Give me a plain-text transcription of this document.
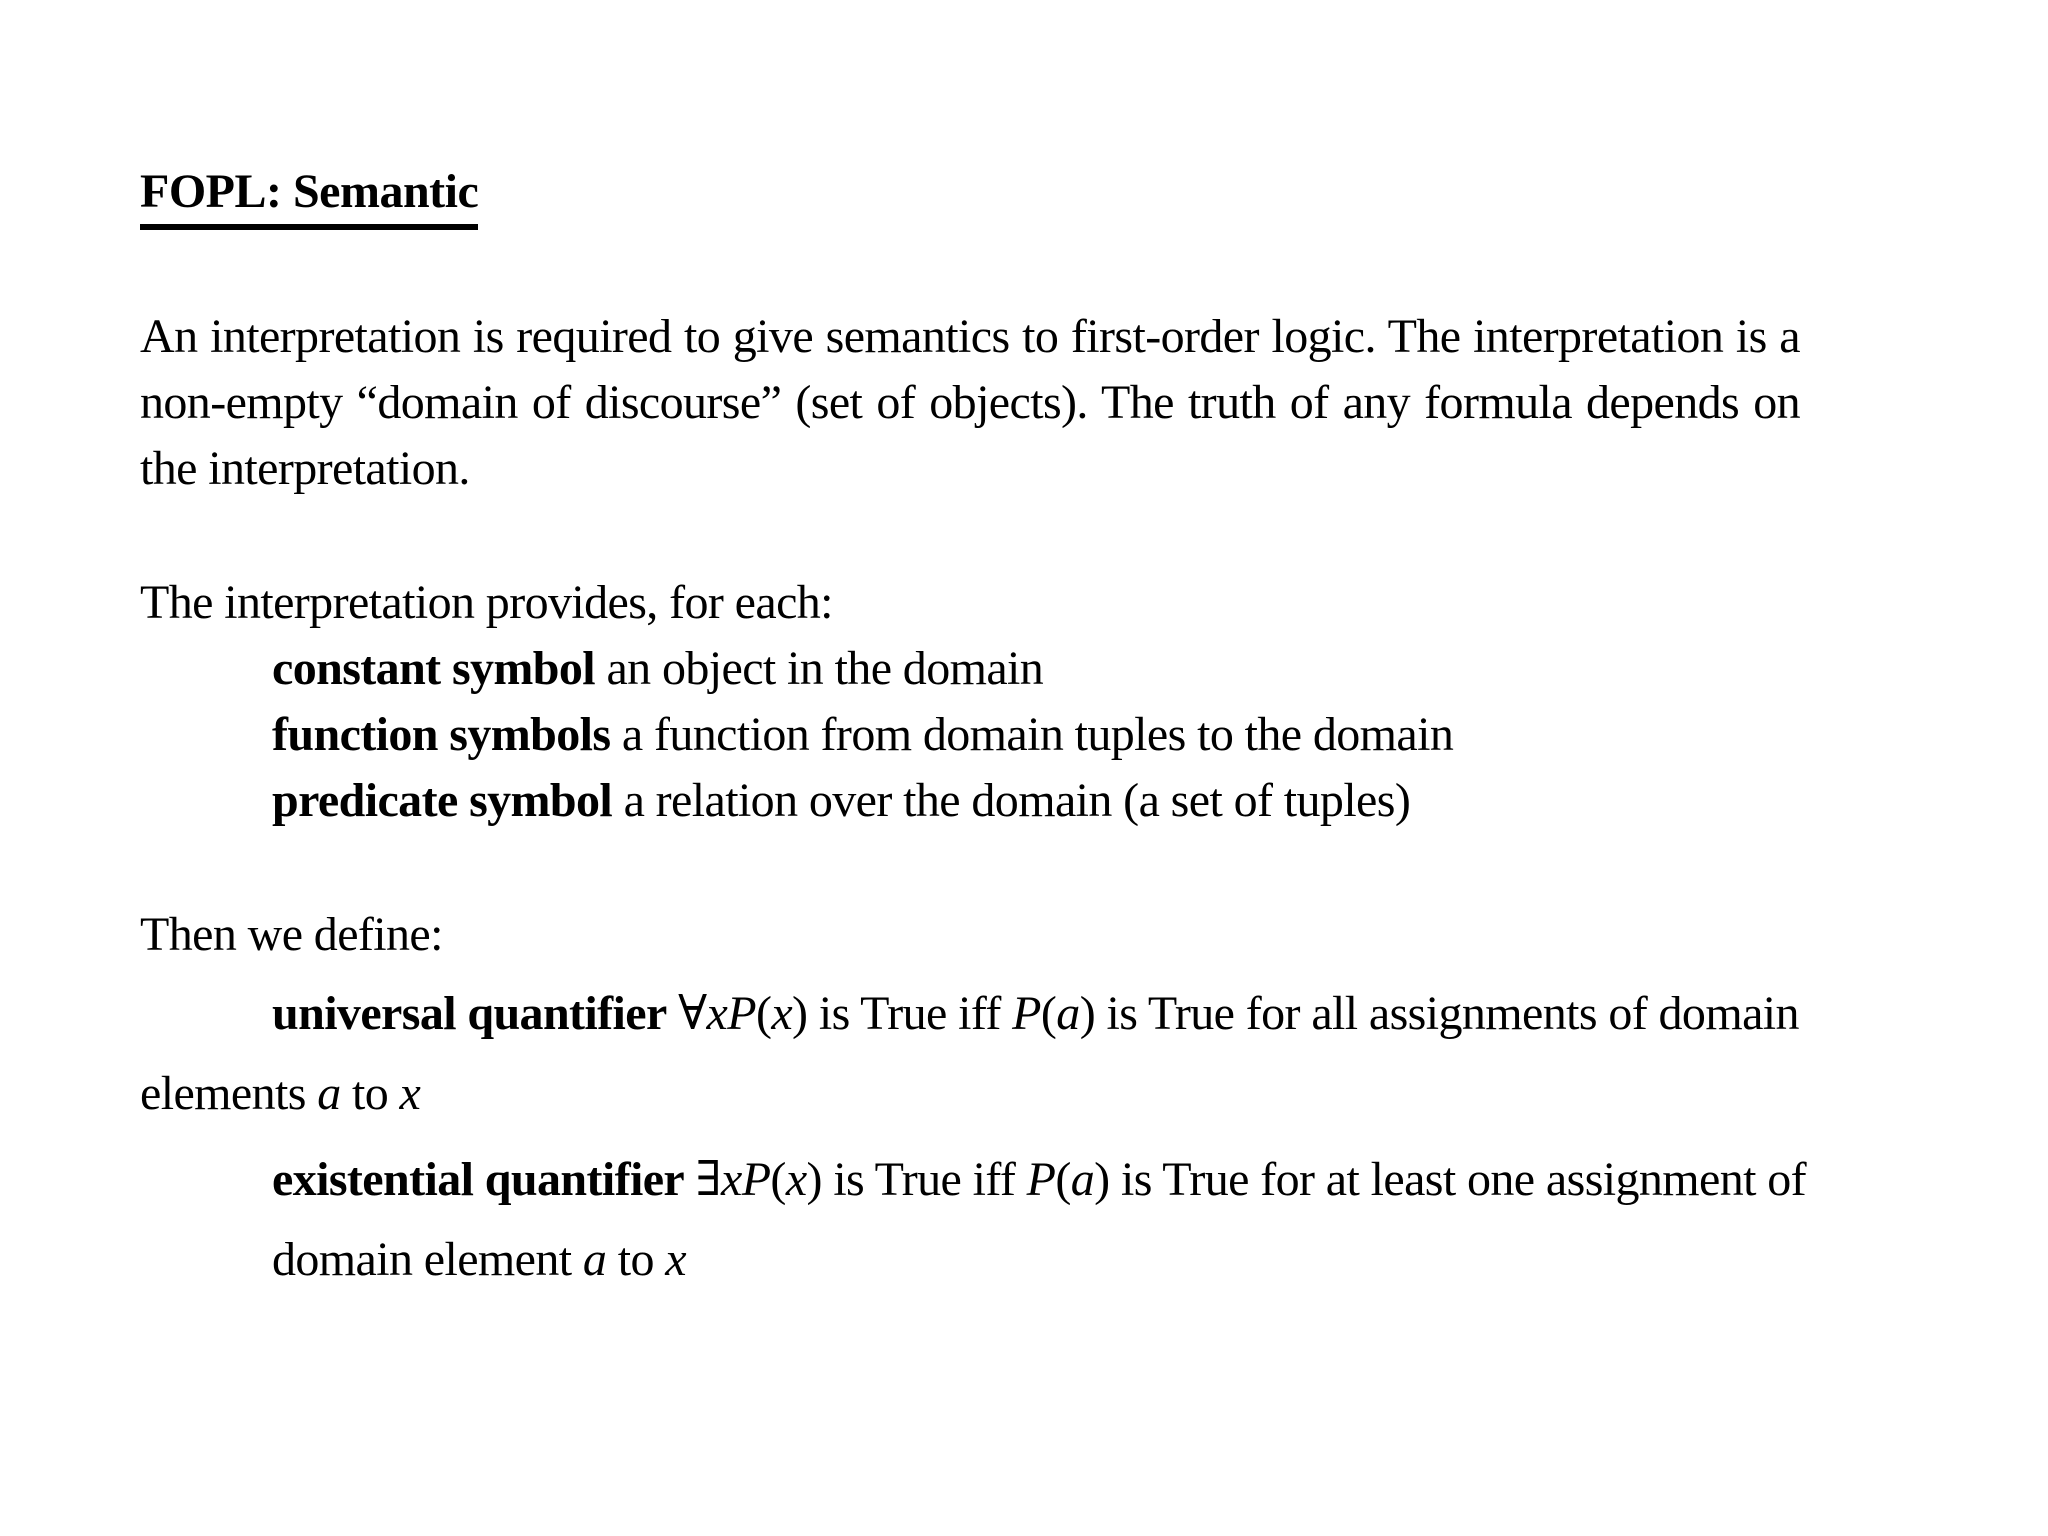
FOPL: Semantic

An interpretation is required to give semantics to first-order logic. The interpretation is a non-empty “domain of discourse” (set of objects). The truth of any formula depends on the interpretation.

The interpretation provides, for each:

constant symbol an object in the domain
function symbols a function from domain tuples to the domain
predicate symbol a relation over the domain (a set of tuples)

Then we define:

universal quantifier ∀xP(x) is True iff P(a) is True for all assignments of domain
elements a to x
existential quantifier ∃xP(x) is True iff P(a) is True for at least one assignment of
domain element a to x
